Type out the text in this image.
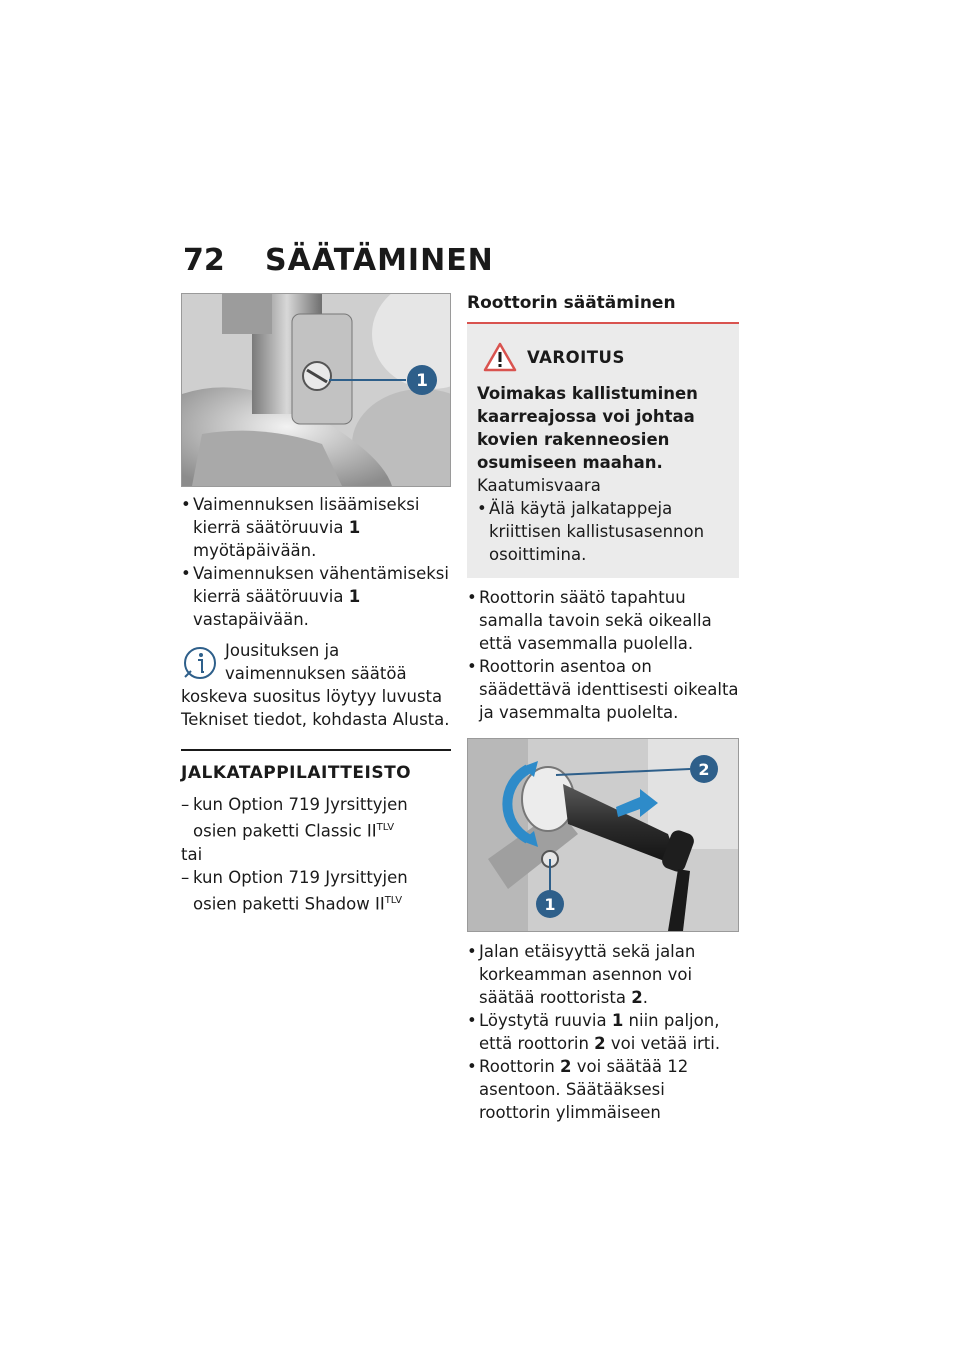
72	SÄÄTÄMINEN
1
• Vaimennuksen lisäämiseksi kierrä säätöruuvia 1 myötäpäivään.
• Vaimennuksen vähentämiseksi kierrä säätöruuvia 1 vastapäivään.
Jousituksen ja vaimennuksen säätöä koskeva suositus löytyy luvusta Tekniset tiedot, kohdasta Alusta.
JALKATAPPILAITTEISTO
– kun Option 719 Jyrsittyjen osien paketti Classic $II^{TLV}$
tai
– kun Option 719 Jyrsittyjen osien paketti Shadow $II^{TLV}$
Roottorin säätäminen
VAROITUS
Voimakas kallistuminen kaarreajossa voi johtaa kovien rakenneosien osumiseen maahan.
Kaatumisvaara
• Älä käytä jalkatappeja kriittisen kallistusasennon osoittimina.
• Roottorin säätö tapahtuu samalla tavoin sekä oikealla että vasemmalla puolella.
• Roottorin asentoa on säädettävä identtisesti oikealta ja vasemmalta puolelta.
2
1
• Jalan etäisyyttä sekä jalan korkeamman asennon voi säätää roottorista 2.
• Löystytä ruuvia 1 niin paljon, että roottorin 2 voi vetää irti.
• Roottorin 2 voi säätää 12 asentoon. Säätääksesi roottorin ylimmäiseen
